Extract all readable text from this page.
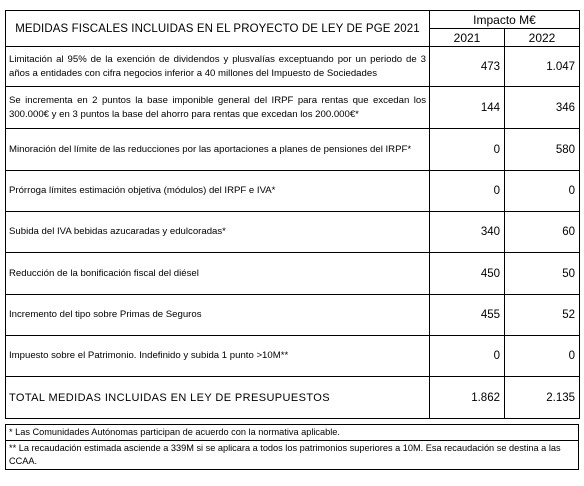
MEDIDAS FISCALES INCLUIDAS EN EL PROYECTO DE LEY DE PGE 2021	Impacto M€	
	2021	2022
Limitación al 95% de la exención de dividendos y plusvalías exceptuando por un periodo de 3 años a entidades con cifra negocios inferior a 40 millones del Impuesto de Sociedades	473	1.047
Se incrementa en 2 puntos la base imponible general del IRPF para rentas que excedan los 300.000€ y en 3 puntos la base del ahorro para rentas que excedan los 200.000€*	144	346
Minoración del límite de las reducciones por las aportaciones a planes de pensiones del IRPF*	0	580
Prórroga límites estimación objetiva (módulos) del IRPF e IVA*	0	0
Subida del IVA bebidas azucaradas y edulcoradas*	340	60
Reducción de la bonificación fiscal del diésel	450	50
Incremento del tipo sobre Primas de Seguros	455	52
Impuesto sobre el Patrimonio. Indefinido y subida 1 punto >10M**	0	0
TOTAL MEDIDAS INCLUIDAS EN LEY DE PRESUPUESTOS	1.862	2.135
* Las Comunidades Autónomas participan de acuerdo con la normativa aplicable.
** La recaudación estimada asciende a 339M si se aplicara a todos los patrimonios superiores a 10M. Esa recaudación se destina a las CCAA.
